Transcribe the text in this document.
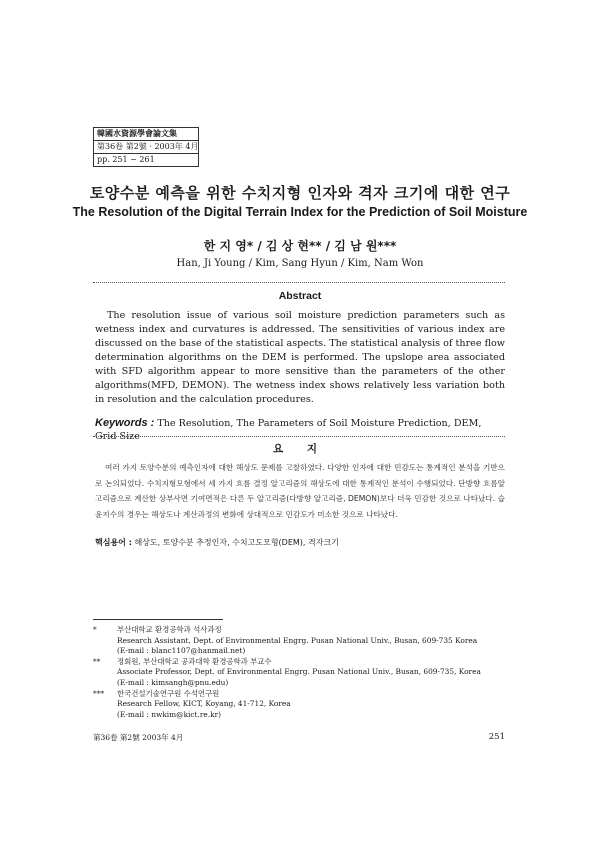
韓國水資源學會論文集
第36卷 第2號 · 2003年 4月
pp. 251 ~ 261
토양수분 예측을 위한 수치지형 인자와 격자 크기에 대한 연구
The Resolution of the Digital Terrain Index for the Prediction of Soil Moisture
한 지 영* / 김 상 현** / 김 남 원***
Han, Ji Young / Kim, Sang Hyun / Kim, Nam Won
Abstract
The resolution issue of various soil moisture prediction parameters such as wetness index and curvatures is addressed. The sensitivities of various index are discussed on the base of the statistical aspects. The statistical analysis of three flow determination algorithms on the DEM is performed. The upslope area associated with SFD algorithm appear to more sensitive than the parameters of the other algorithms(MFD, DEMON). The wetness index shows relatively less variation both in resolution and the calculation procedures.
Keywords : The Resolution, The Parameters of Soil Moisture Prediction, DEM, Grid Size
요 지
여러 가지 토양수분의 예측인자에 대한 해상도 문제를 고찰하였다. 다양한 인자에 대한 민감도는 통계적인 분석을 기반으로 논의되었다. 수치지형모형에서 세 가지 흐름 결정 알고리즘의 해상도에 대한 통계적인 분석이 수행되었다. 단방향 흐름알고리즘으로 계산한 상부사면 기여면적은 다른 두 알고리즘(다방향 알고리즘, DEMON)보다 더욱 민감한 것으로 나타났다. 습윤지수의 경우는 해상도나 계산과정의 변화에 상대적으로 민감도가 미소한 것으로 나타났다.
핵심용어 : 해상도, 토양수분 추정인자, 수치고도모형(DEM), 격자크기
*	부산대학교 환경공학과 석사과정
Research Assistant, Dept. of Environmental Engrg. Pusan National Univ., Busan, 609-735 Korea
(E-mail : blanc1107@hanmail.net)
** 정회원, 부산대학교 공과대학 환경공학과 부교수
Associate Professor, Dept. of Environmental Engrg. Pusan National Univ., Busan, 609-735, Korea
(E-mail : kimsangh@pnu.edu)
*** 한국건설기술연구원 수석연구원
Research Fellow, KICT, Koyang, 41-712, Korea
(E-mail : nwkim@kict.re.kr)
第36卷 第2號 2003年 4月	251
